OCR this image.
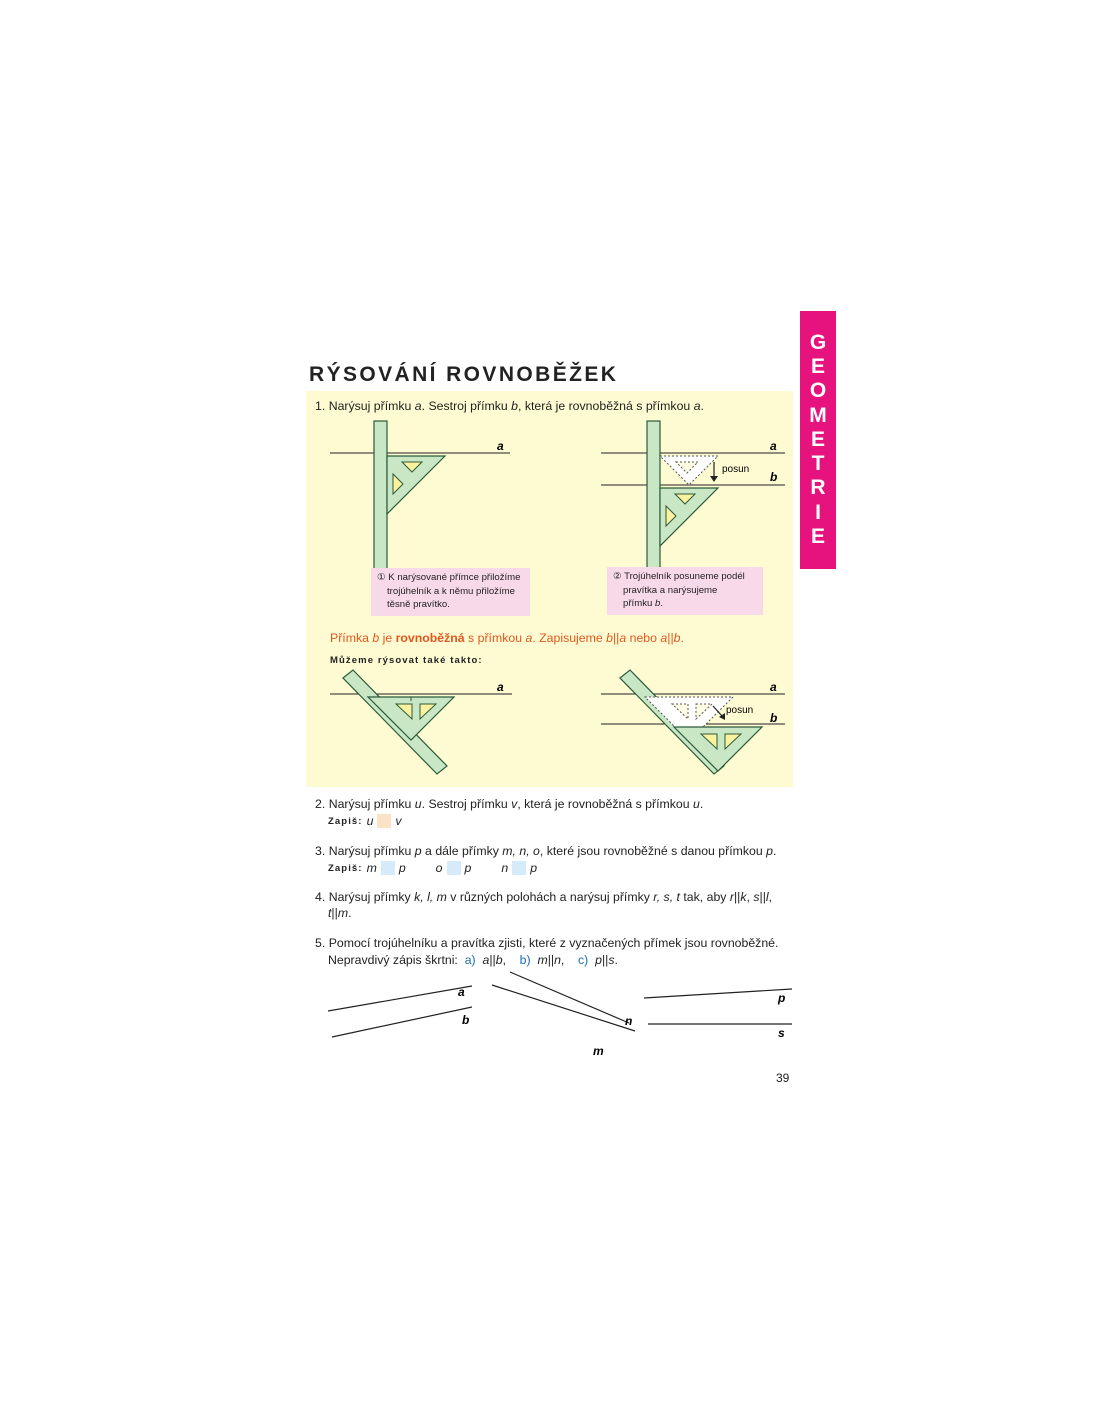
G
E
O
M
E
T
R
I
E
RÝSOVÁNÍ ROVNOBĚŽEK
1. Narýsuj přímku a. Sestroj přímku b, která je rovnoběžná s přímkou a.
a
posun
a
b
① K narýsované přímce přiložíme
trojúhelník a k němu přiložíme
těsně pravítko.
② Trojúhelník posuneme podél
pravítka a narýsujeme
přímku b.
Přímka b je rovnoběžná s přímkou a. Zapisujeme b||a nebo a||b.
Můžeme rýsovat také takto:
a
posun
a
b
2. Narýsuj přímku u. Sestroj přímku v, která je rovnoběžná s přímkou u.
Zapiš: u v
3. Narýsuj přímku p a dále přímky m, n, o, které jsou rovnoběžné s danou přímkou p.
Zapiš: m p o p n p
4. Narýsuj přímky k, l, m v různých polohách a narýsuj přímky r, s, t tak, aby r||k, s||l,
t||m.
5. Pomocí trojúhelníku a pravítka zjisti, které z vyznačených přímek jsou rovnoběžné.
Nepravdivý zápis škrtni: a) a||b, b) m||n, c) p||s.
a
b
m
n
p
s
39
